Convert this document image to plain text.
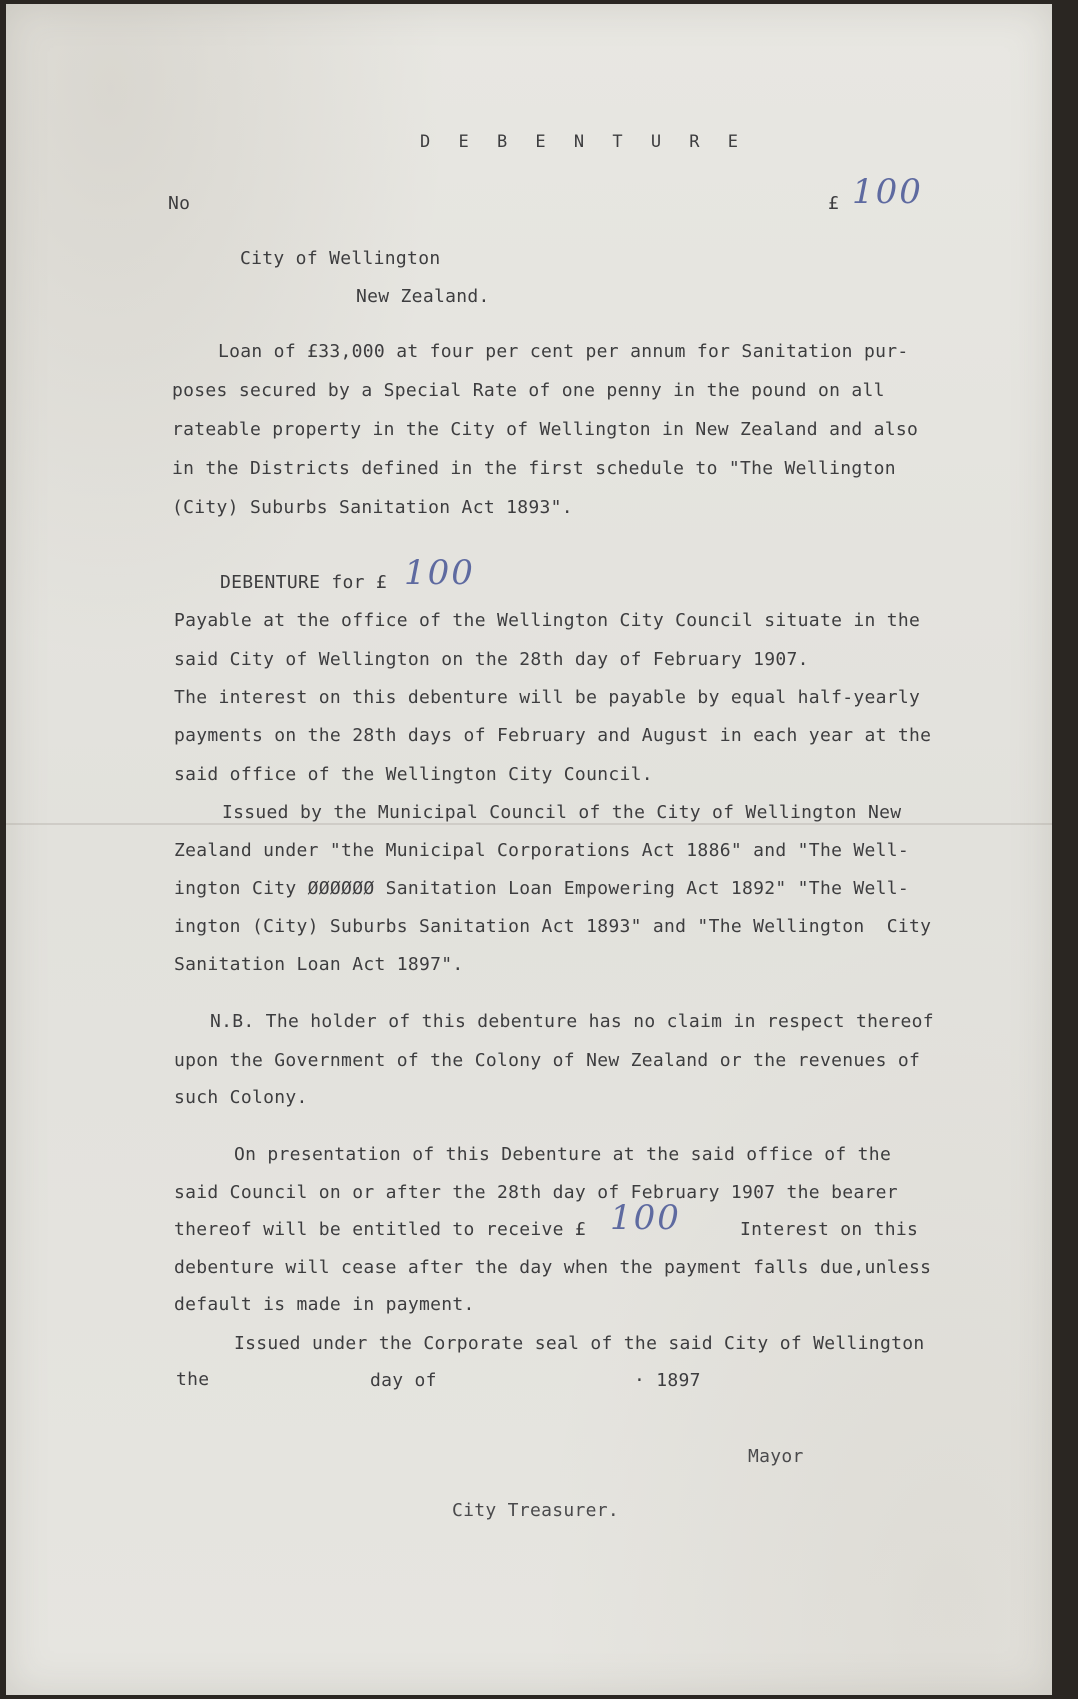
D E B E N T U R E
No	£ 100
City of Wellington
New Zealand.
Loan of £33,000 at four per cent per annum for Sanitation pur-
poses secured by a Special Rate of one penny in the pound on all
rateable property in the City of Wellington in New Zealand and also
in the Districts defined in the first schedule to "The Wellington
(City) Suburbs Sanitation Act 1893".
DEBENTURE for £ 100
Payable at the office of the Wellington City Council situate in the
said City of Wellington on the 28th day of February 1907.
The interest on this debenture will be payable by equal half-yearly
payments on the 28th days of February and August in each year at the
said office of the Wellington City Council.
Issued by the Municipal Council of the City of Wellington New
Zealand under "the Municipal Corporations Act 1886" and "The Well-
ington City ØØØØØØ Sanitation Loan Empowering Act 1892" "The Well-
ington (City) Suburbs Sanitation Act 1893" and "The Wellington  City
Sanitation Loan Act 1897".
N.B. The holder of this debenture has no claim in respect thereof
upon the Government of the Colony of New Zealand or the revenues of
such Colony.
On presentation of this Debenture at the said office of the
said Council on or after the 28th day of February 1907 the bearer
thereof will be entitled to receive £ 100	Interest on this
debenture will cease after the day when the payment falls due,unless
default is made in payment.
Issued under the Corporate seal of the said City of Wellington
the	day of	· 1897
Mayor
City Treasurer.
